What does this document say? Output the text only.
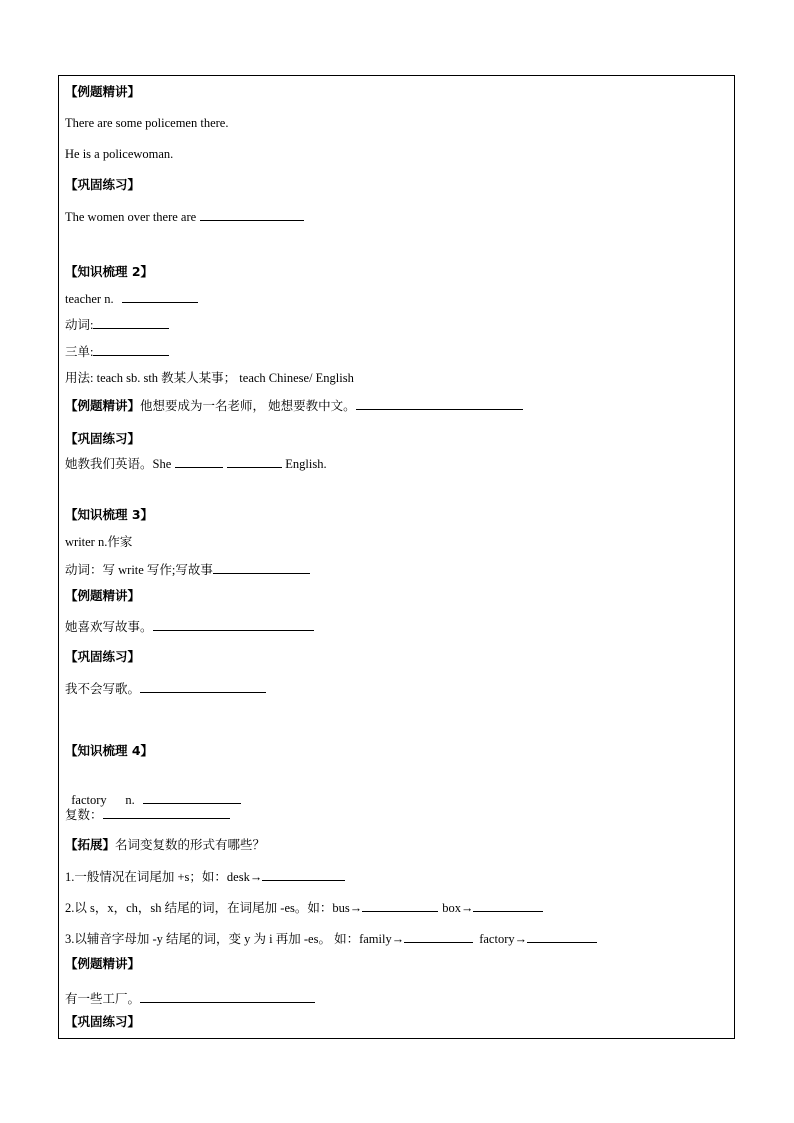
【例题精讲】
There are some policemen there.
He is a policewoman.
【巩固练习】
The women over there are
【知识梳理 2】
teacher n.
动词:
三单:
用法: teach sb. sth 教某人某事； teach Chinese/ English
【例题精讲】他想要成为一名老师， 她想要教中文。
【巩固练习】
她教我们英语。She	English.
【知识梳理 3】
writer n.作家
动词：写 write 写作;写故事
【例题精讲】
她喜欢写故事。
【巩固练习】
我不会写歌。
【知识梳理 4】

factory      n.

复数：
【拓展】名词变复数的形式有哪些？
1.一般情况在词尾加 +s；如：desk→
2.以 s，x，ch，sh 结尾的词，在词尾加 -es。如：bus→	box→
3.以辅音字母加 -y 结尾的词，变 y 为 i 再加 -es。 如：family→	factory→
【例题精讲】
有一些工厂。
【巩固练习】
